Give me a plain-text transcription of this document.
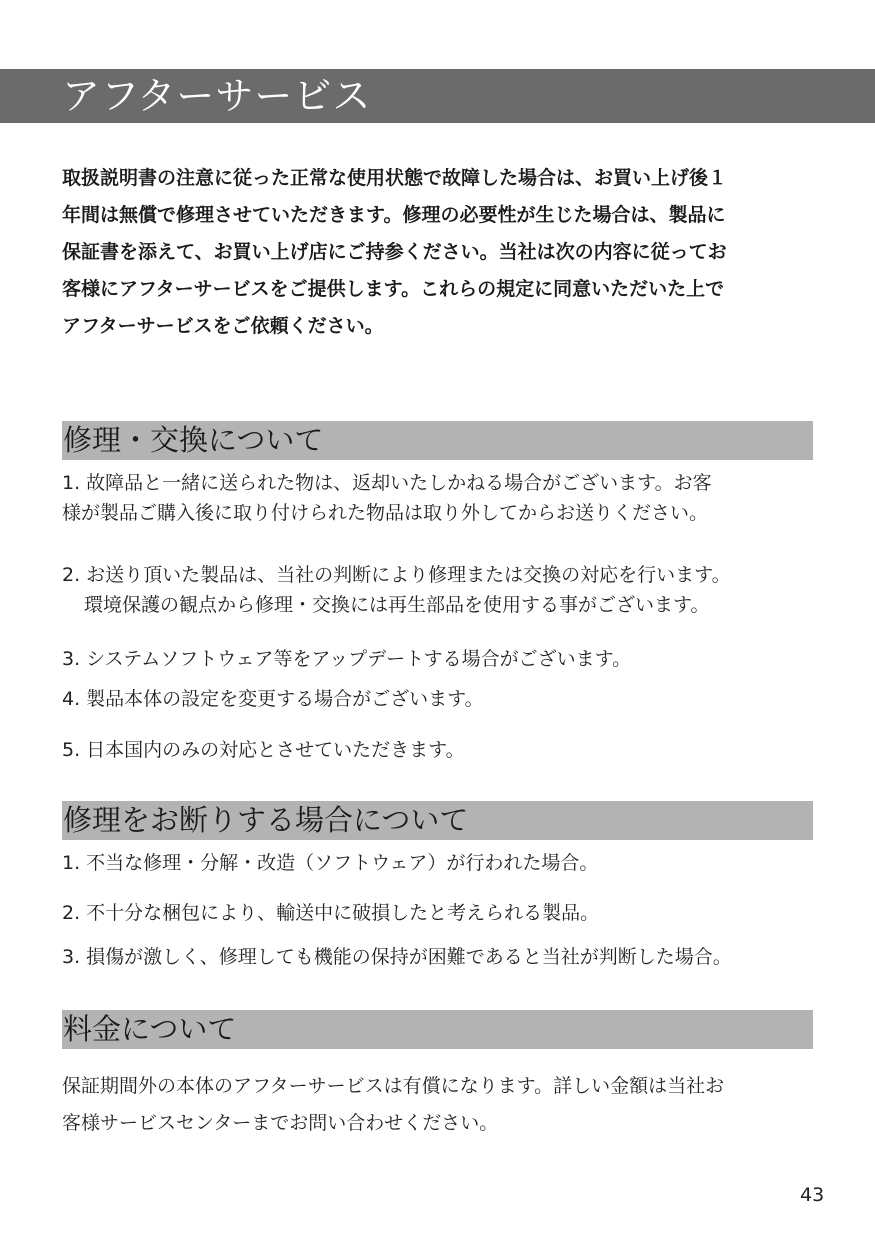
アフターサービス

取扱説明書の注意に従った正常な使用状態で故障した場合は、お買い上げ後１

年間は無償で修理させていただきます。修理の必要性が生じた場合は、製品に

保証書を添えて、お買い上げ店にご持参ください。当社は次の内容に従ってお

客様にアフターサービスをご提供します。これらの規定に同意いただいた上で

アフターサービスをご依頼ください。

修理・交換について

1. 故障品と一緒に送られた物は、返却いたしかねる場合がございます。お客

様が製品ご購入後に取り付けられた物品は取り外してからお送りください。

2. お送り頂いた製品は、当社の判断により修理または交換の対応を行います。

環境保護の観点から修理・交換には再生部品を使用する事がございます。

3. システムソフトウェア等をアップデートする場合がございます。

4. 製品本体の設定を変更する場合がございます。

5. 日本国内のみの対応とさせていただきます。

修理をお断りする場合について

1. 不当な修理・分解・改造（ソフトウェア）が行われた場合。

2. 不十分な梱包により、輸送中に破損したと考えられる製品。

3. 損傷が激しく、修理しても機能の保持が困難であると当社が判断した場合。

料金について

保証期間外の本体のアフターサービスは有償になります。詳しい金額は当社お

客様サービスセンターまでお問い合わせください。

43
